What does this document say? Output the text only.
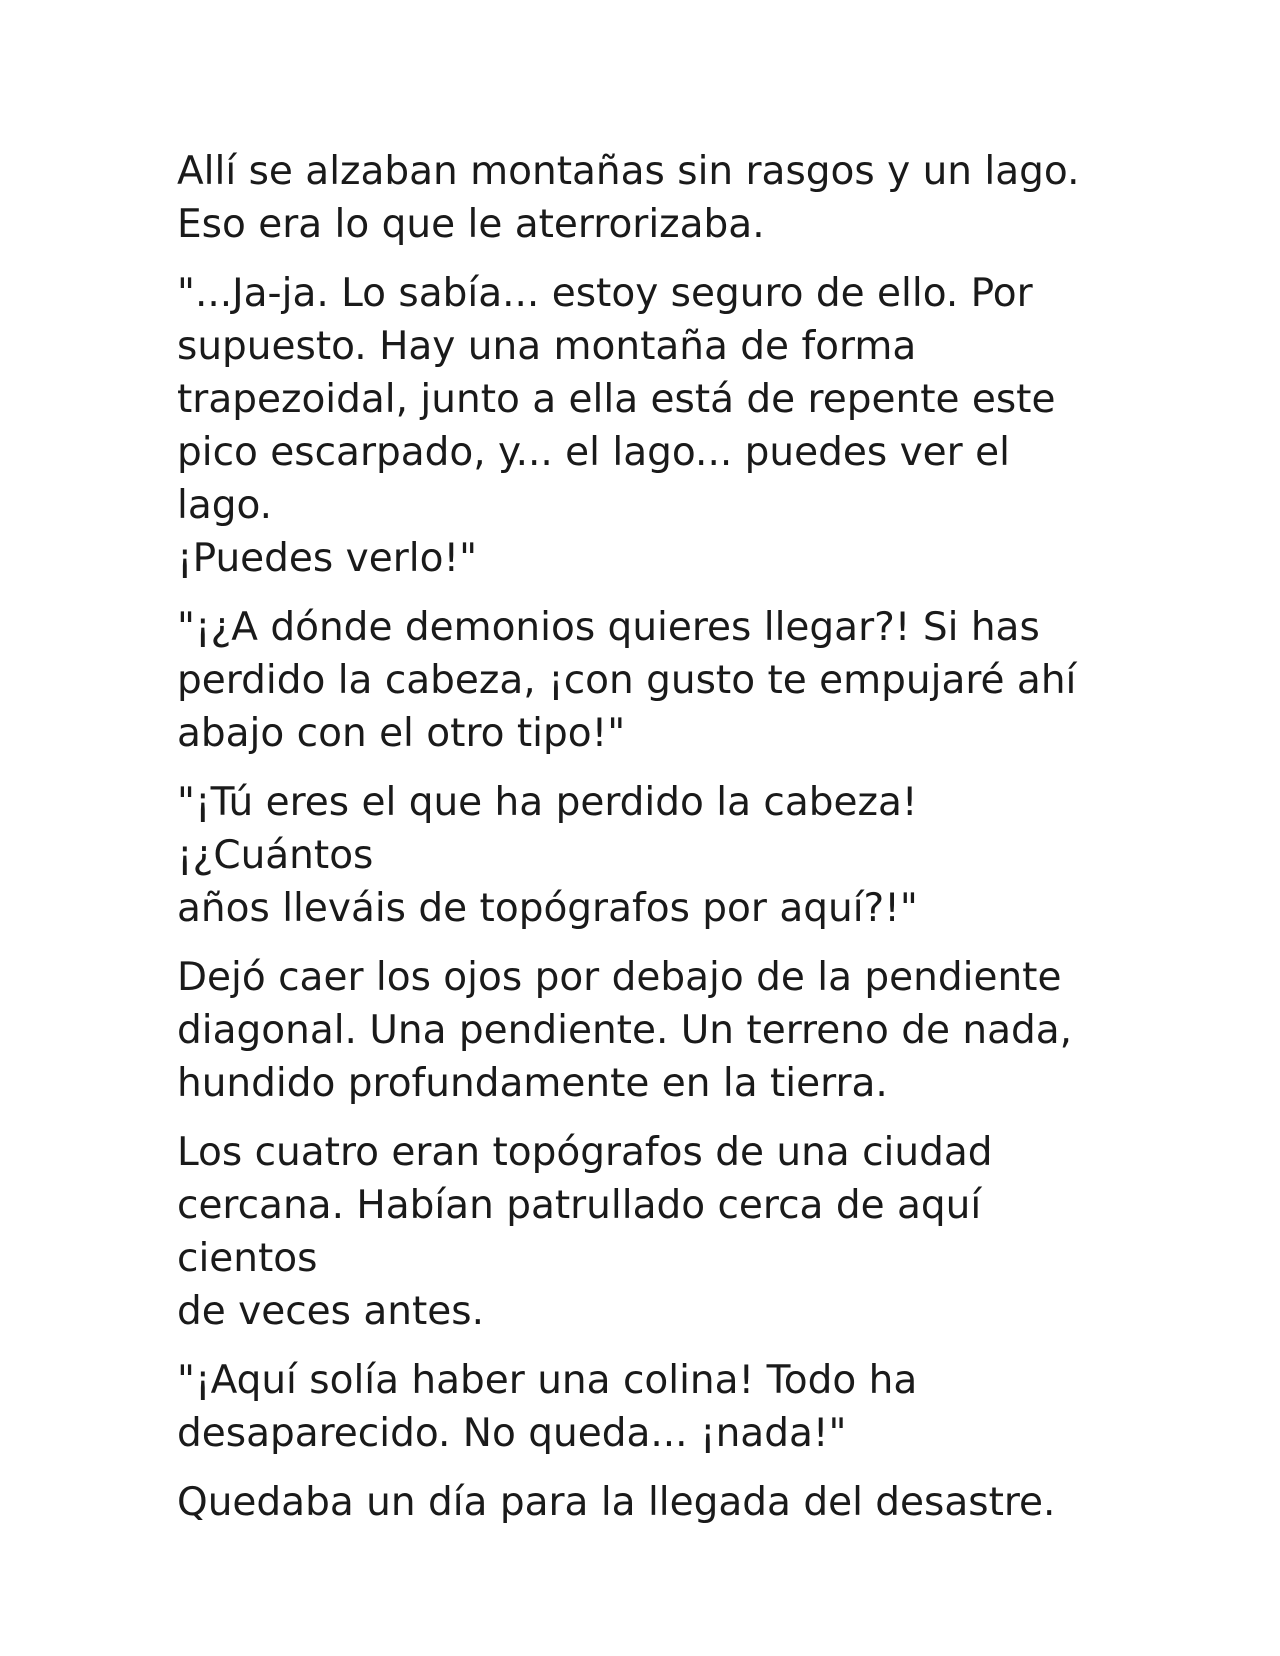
Allí se alzaban montañas sin rasgos y un lago.
Eso era lo que le aterrorizaba.

"...Ja-ja. Lo sabía... estoy seguro de ello. Por
supuesto. Hay una montaña de forma
trapezoidal, junto a ella está de repente este
pico escarpado, y... el lago... puedes ver el lago.
¡Puedes verlo!"

"¡¿A dónde demonios quieres llegar?! Si has
perdido la cabeza, ¡con gusto te empujaré ahí
abajo con el otro tipo!"

"¡Tú eres el que ha perdido la cabeza! ¡¿Cuántos
años lleváis de topógrafos por aquí?!"

Dejó caer los ojos por debajo de la pendiente
diagonal. Una pendiente. Un terreno de nada,
hundido profundamente en la tierra.

Los cuatro eran topógrafos de una ciudad
cercana. Habían patrullado cerca de aquí cientos
de veces antes.

"¡Aquí solía haber una colina! Todo ha
desaparecido. No queda... ¡nada!"

Quedaba un día para la llegada del desastre.
